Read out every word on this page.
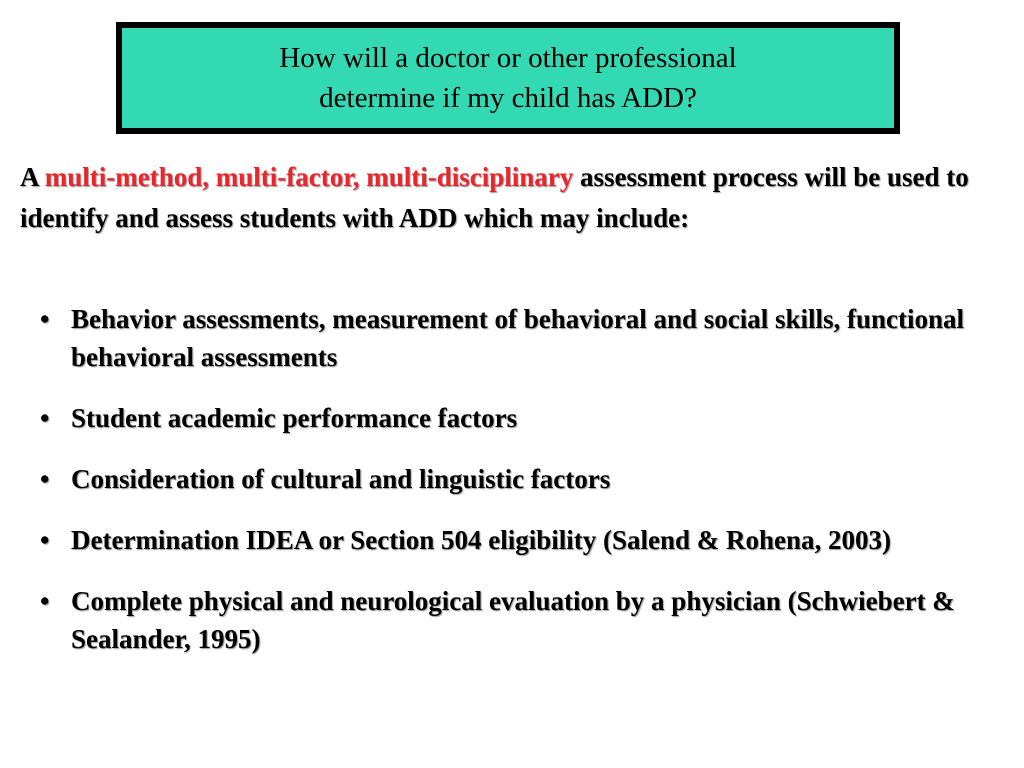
How will a doctor or other professional
determine if my child has ADD?
A multi-method, multi-factor, multi-disciplinary assessment process will be used to identify and assess students with ADD which may include:
• Behavior assessments, measurement of behavioral and social skills, functional behavioral assessments
• Student academic performance factors
• Consideration of cultural and linguistic factors
• Determination IDEA or Section 504 eligibility (Salend & Rohena, 2003)
• Complete physical and neurological evaluation by a physician (Schwiebert & Sealander, 1995)
